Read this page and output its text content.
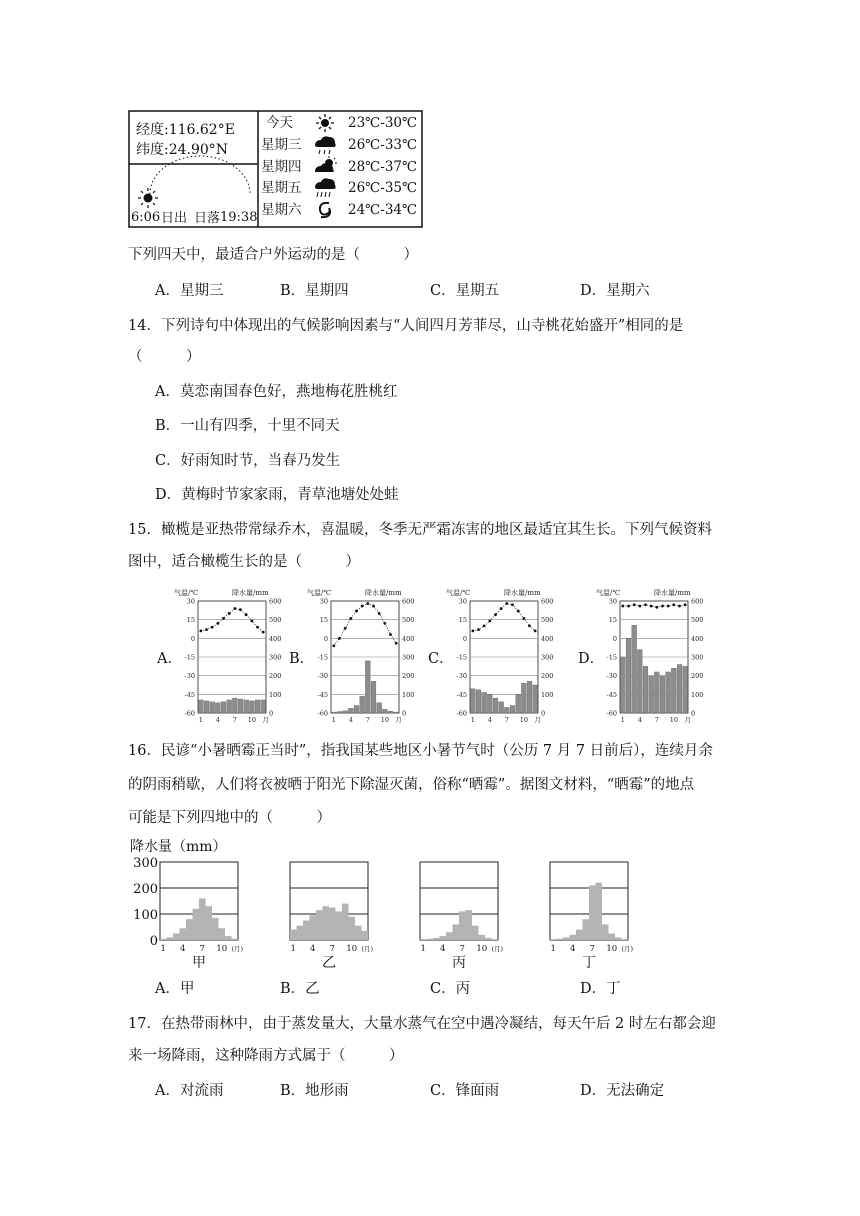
经度:116.62°E
纬度:24.90°N
6:06 日出 日落 19:38
今天	23℃-30℃
星期三	26℃-33℃
星期四	28℃-37℃
星期五	26℃-35℃
星期六	24℃-34℃
下列四天中，最适合户外运动的是（　　　）
A．星期三	B．星期四	C．星期五	D．星期六
14．下列诗句中体现出的气候影响因素与“人间四月芳菲尽，山寺桃花始盛开”相同的是
（　　　）
A．莫恋南国春色好，燕地梅花胜桃红
B．一山有四季，十里不同天
C．好雨知时节，当春乃发生
D．黄梅时节家家雨，青草池塘处处蛙
15．橄榄是亚热带常绿乔木，喜温暖，冬季无严霜冻害的地区最适宜其生长。下列气候资料
图中，适合橄榄生长的是（　　　）
A．	B．	C．	D．
气温/℃	降水量/mm
30	600
15	500
0	400
-15	300
-30	200
-45	100
-60	0
1 4 7 10 月
气温/℃	降水量/mm
30	600
15	500
0	400
-15	300
-30	200
-45	100
-60	0
1 4 7 10 月
气温/℃	降水量/mm
30	600
15	500
0	400
-15	300
-30	200
-45	100
-60	0
1 4 7 10 月
气温/℃	降水量/mm
30	600
15	500
0	400
-15	300
-30	200
-45	100
-60	0
1 4 7 10 月
16．民谚“小暑晒霉正当时”，指我国某些地区小暑节气时（公历 7 月 7 日前后），连续月余
的阴雨稍歇，人们将衣被晒于阳光下除湿灭菌，俗称“晒霉”。据图文材料，“晒霉”的地点
可能是下列四地中的（　　　）
降水量（mm）
300
200
100
0 1 4 7 10 (月)
甲
1 4 7 10 (月)
乙
1 4 7 10 (月)
丙
1 4 7 10 (月)
丁
A．甲	B．乙	C．丙	D．丁
17．在热带雨林中，由于蒸发量大，大量水蒸气在空中遇冷凝结，每天午后 2 时左右都会迎
来一场降雨，这种降雨方式属于（　　　）
A．对流雨	B．地形雨	C．锋面雨	D．无法确定
